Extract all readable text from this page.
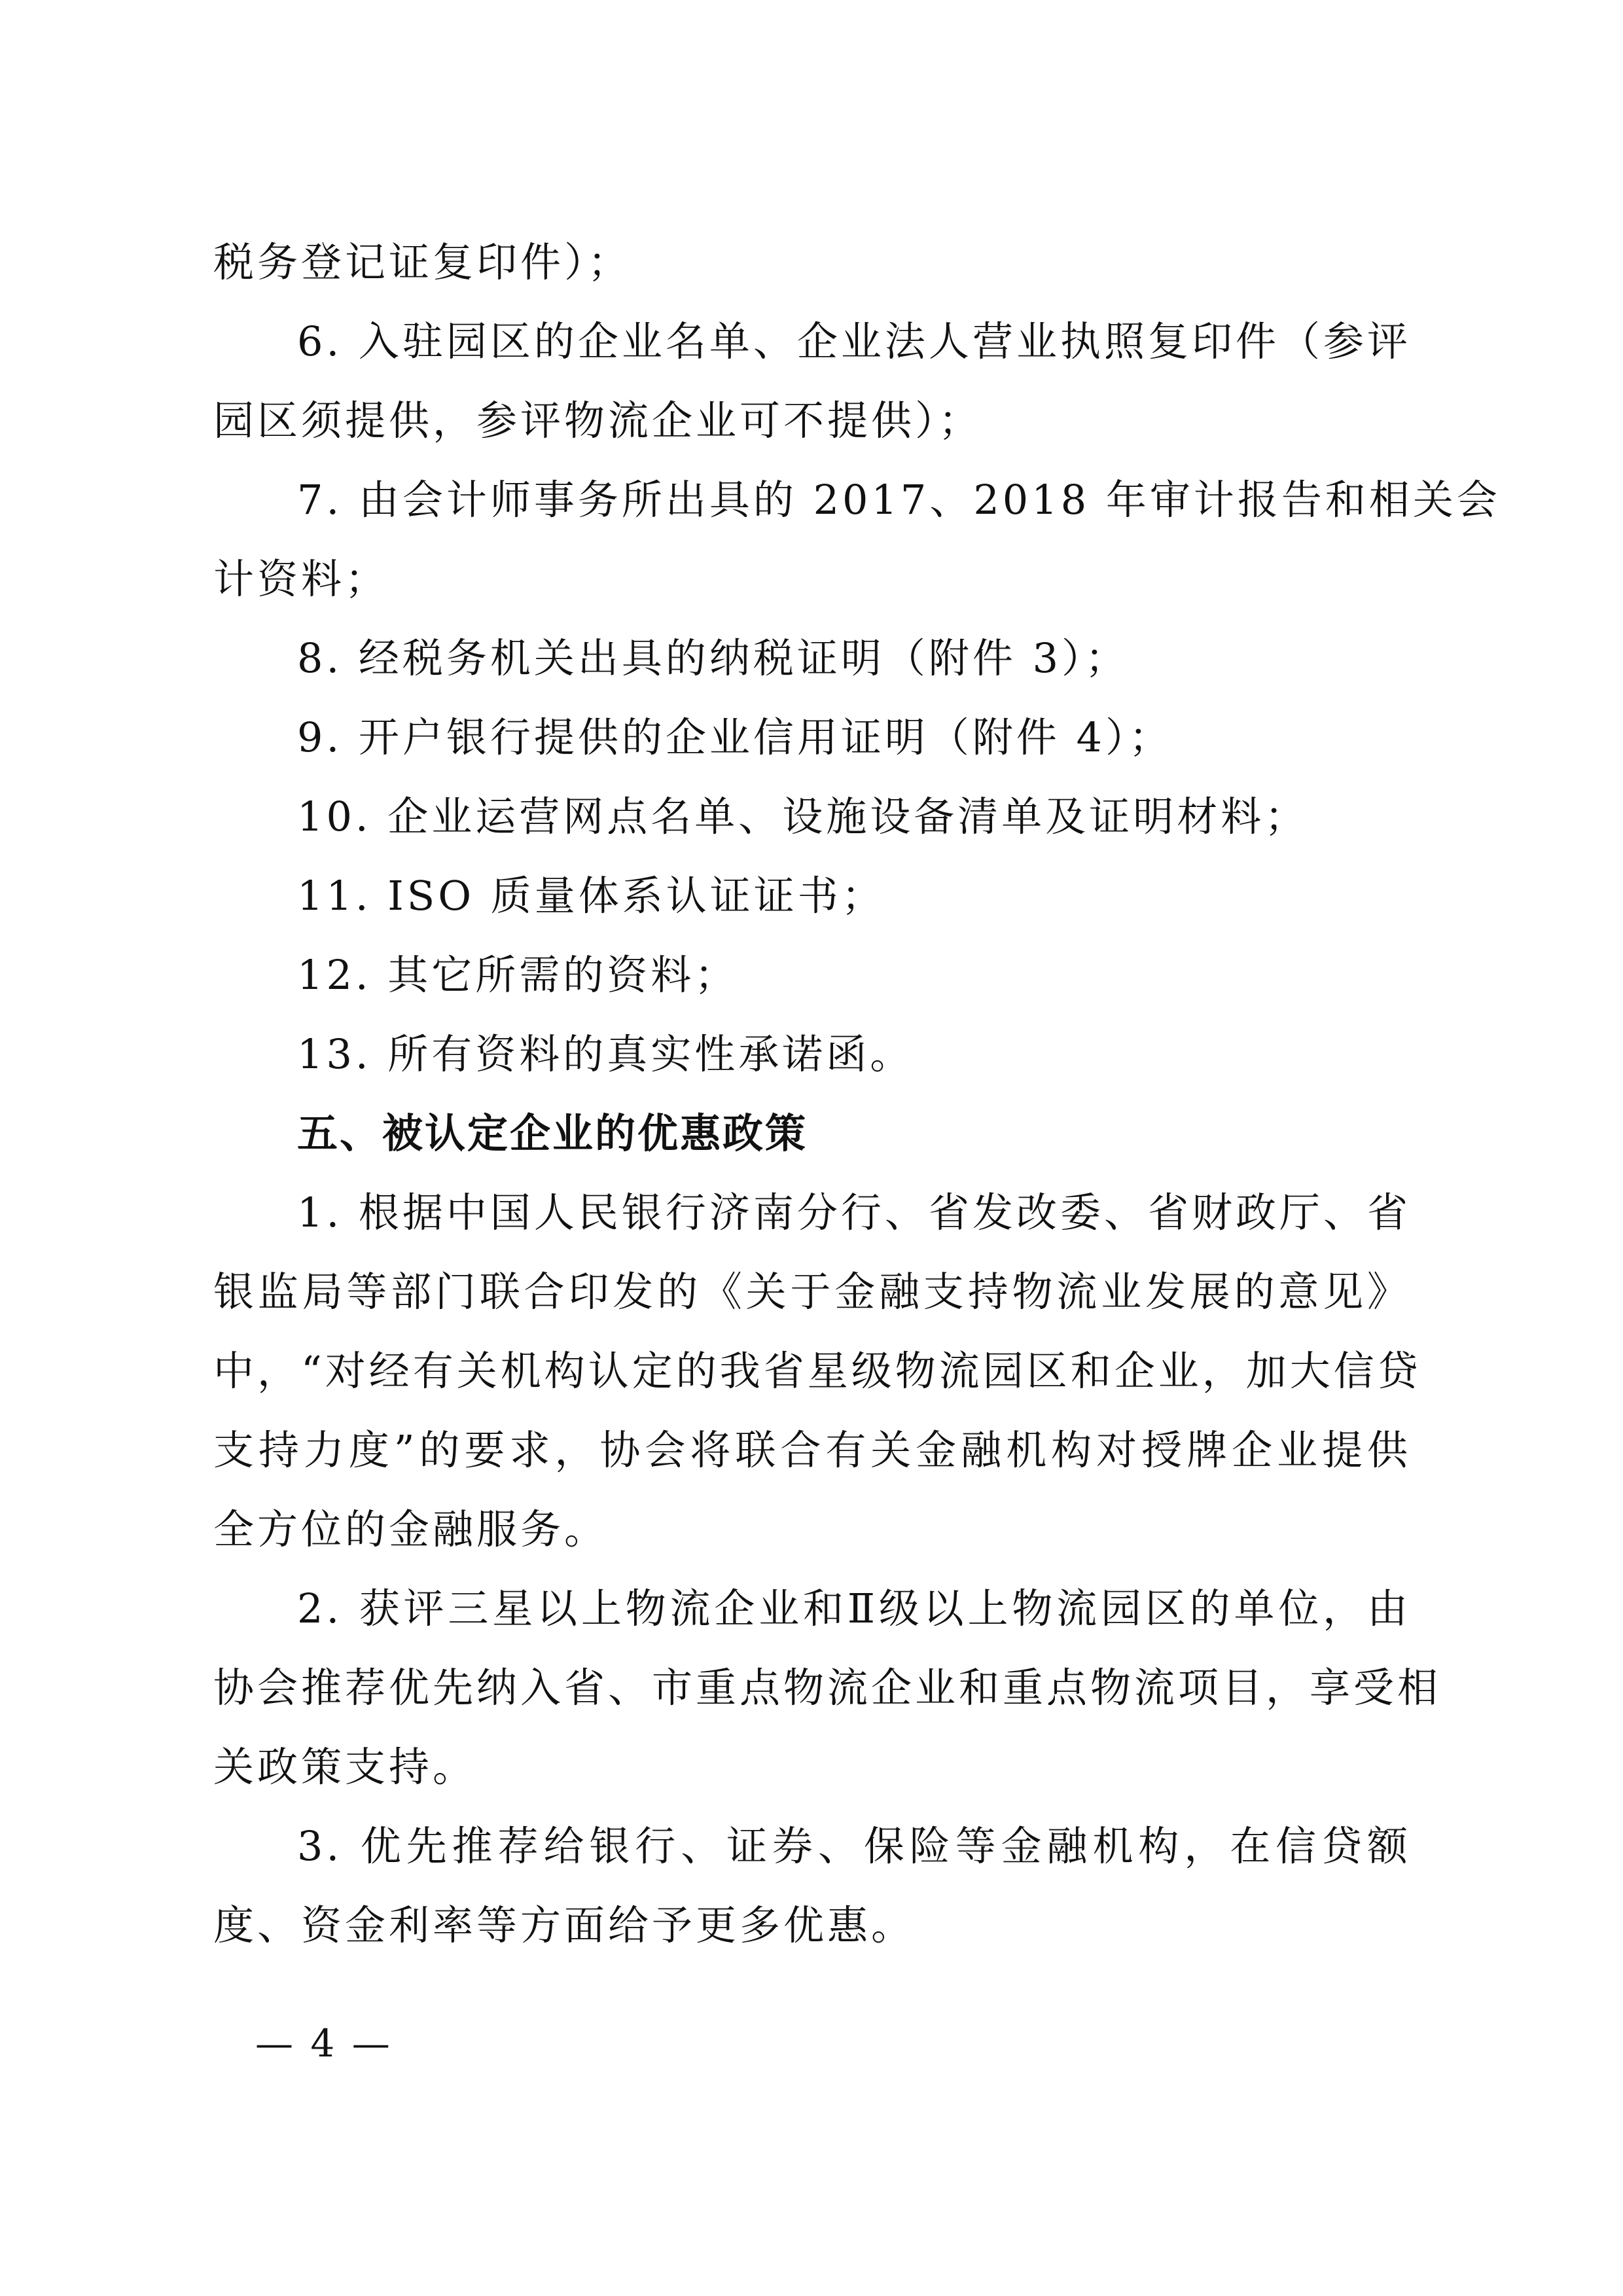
税务登记证复印件）；
6. 入驻园区的企业名单、企业法人营业执照复印件（参评
园区须提供，参评物流企业可不提供）；
7. 由会计师事务所出具的 2017、2018 年审计报告和相关会
计资料；
8. 经税务机关出具的纳税证明（附件 3）；
9. 开户银行提供的企业信用证明（附件 4）；
10. 企业运营网点名单、设施设备清单及证明材料；
11. ISO 质量体系认证证书；
12. 其它所需的资料；
13. 所有资料的真实性承诺函。
五、被认定企业的优惠政策
1. 根据中国人民银行济南分行、省发改委、省财政厅、省
银监局等部门联合印发的《关于金融支持物流业发展的意见》
中，“对经有关机构认定的我省星级物流园区和企业，加大信贷
支持力度”的要求，协会将联合有关金融机构对授牌企业提供
全方位的金融服务。
2. 获评三星以上物流企业和Ⅱ级以上物流园区的单位，由
协会推荐优先纳入省、市重点物流企业和重点物流项目，享受相
关政策支持。
3. 优先推荐给银行、证券、保险等金融机构，在信贷额
度、资金利率等方面给予更多优惠。
— 4 —
